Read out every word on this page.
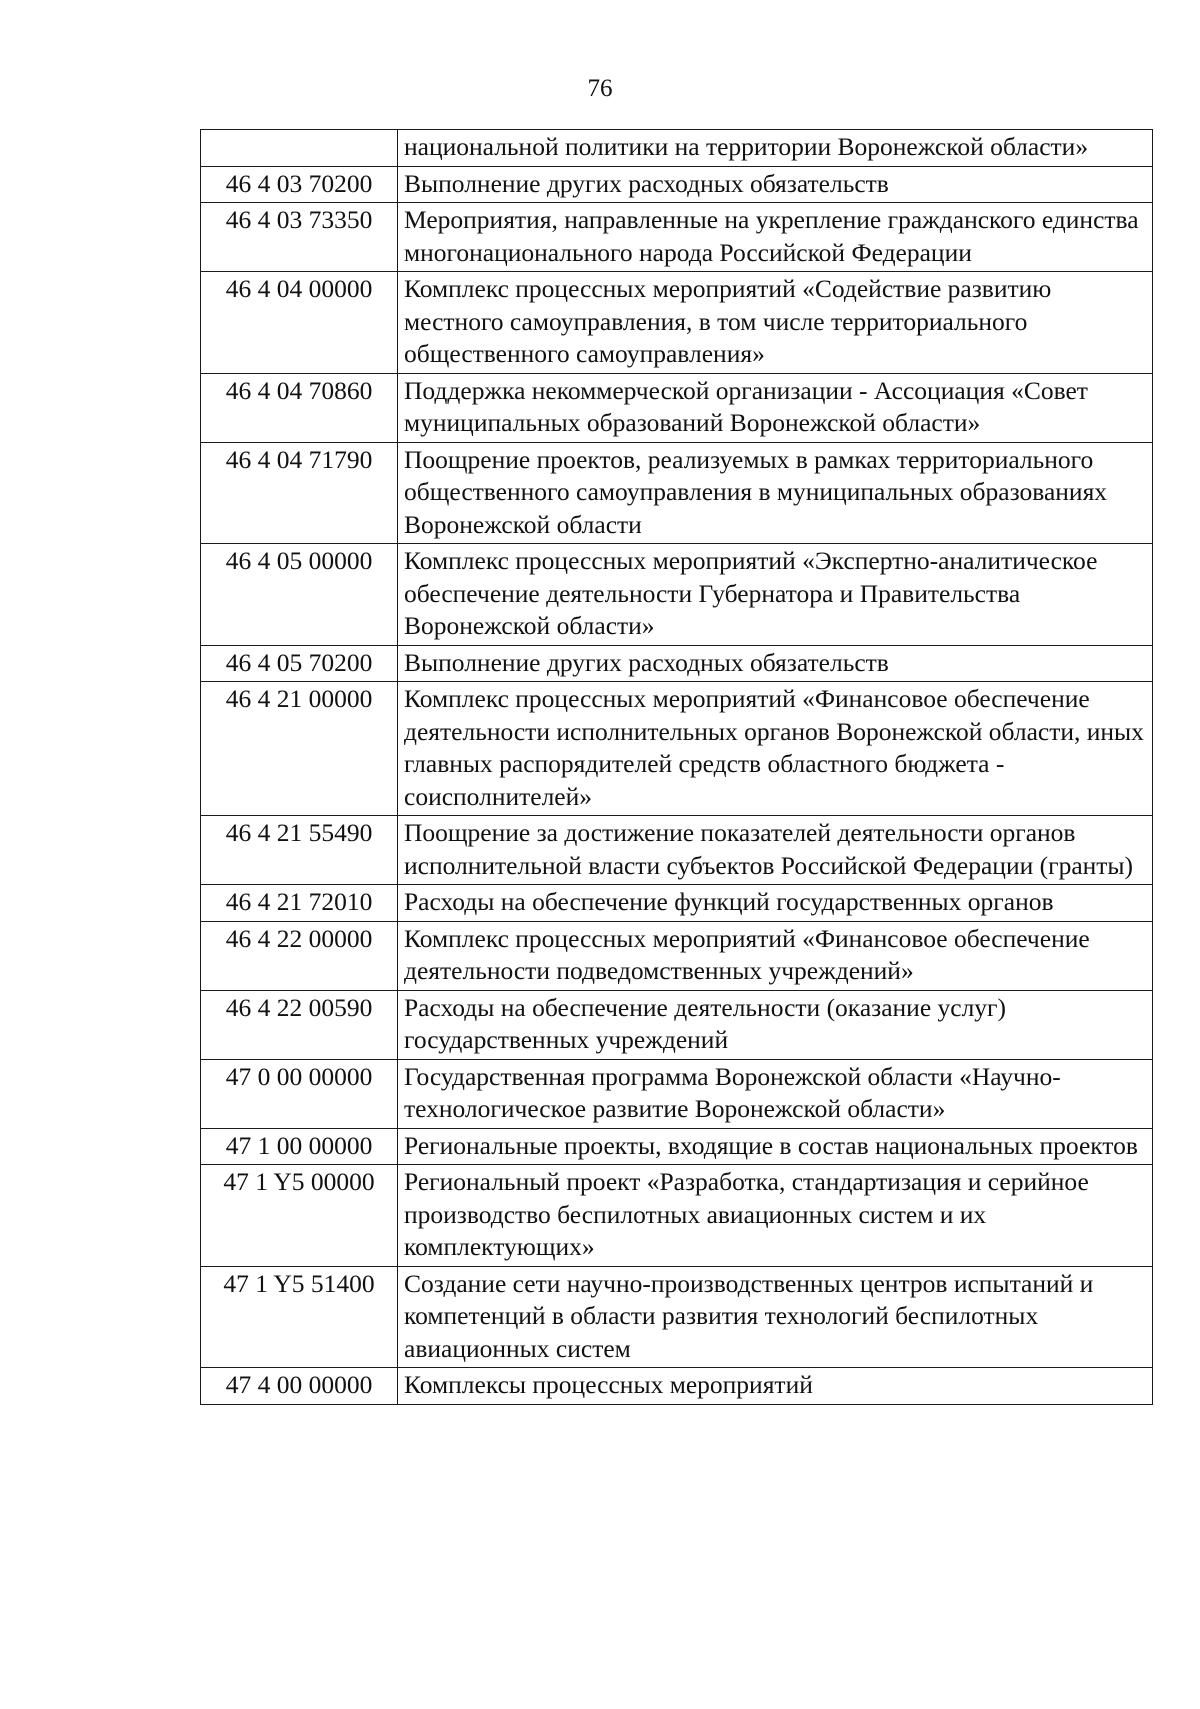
76
	национальной политики на территории Воронежской области»
46 4 03 70200	Выполнение других расходных обязательств
46 4 03 73350	Мероприятия, направленные на укрепление гражданского единства многонационального народа Российской Федерации
46 4 04 00000	Комплекс процессных мероприятий «Содействие развитию местного самоуправления, в том числе территориального общественного самоуправления»
46 4 04 70860	Поддержка некоммерческой организации - Ассоциация «Совет муниципальных образований Воронежской области»
46 4 04 71790	Поощрение проектов, реализуемых в рамках территориального общественного самоуправления в муниципальных образованиях Воронежской области
46 4 05 00000	Комплекс процессных мероприятий «Экспертно-аналитическое обеспечение деятельности Губернатора и Правительства Воронежской области»
46 4 05 70200	Выполнение других расходных обязательств
46 4 21 00000	Комплекс процессных мероприятий «Финансовое обеспечение деятельности исполнительных органов Воронежской области, иных главных распорядителей средств областного бюджета - соисполнителей»
46 4 21 55490	Поощрение за достижение показателей деятельности органов исполнительной власти субъектов Российской Федерации (гранты)
46 4 21 72010	Расходы на обеспечение функций государственных органов
46 4 22 00000	Комплекс процессных мероприятий «Финансовое обеспечение деятельности подведомственных учреждений»
46 4 22 00590	Расходы на обеспечение деятельности (оказание услуг) государственных учреждений
47 0 00 00000	Государственная программа Воронежской области «Научно-технологическое развитие Воронежской области»
47 1 00 00000	Региональные проекты, входящие в состав национальных проектов
47 1 Y5 00000	Региональный проект «Разработка, стандартизация и серийное производство беспилотных авиационных систем и их комплектующих»
47 1 Y5 51400	Создание сети научно-производственных центров испытаний и компетенций в области развития технологий беспилотных авиационных систем
47 4 00 00000	Комплексы процессных мероприятий
